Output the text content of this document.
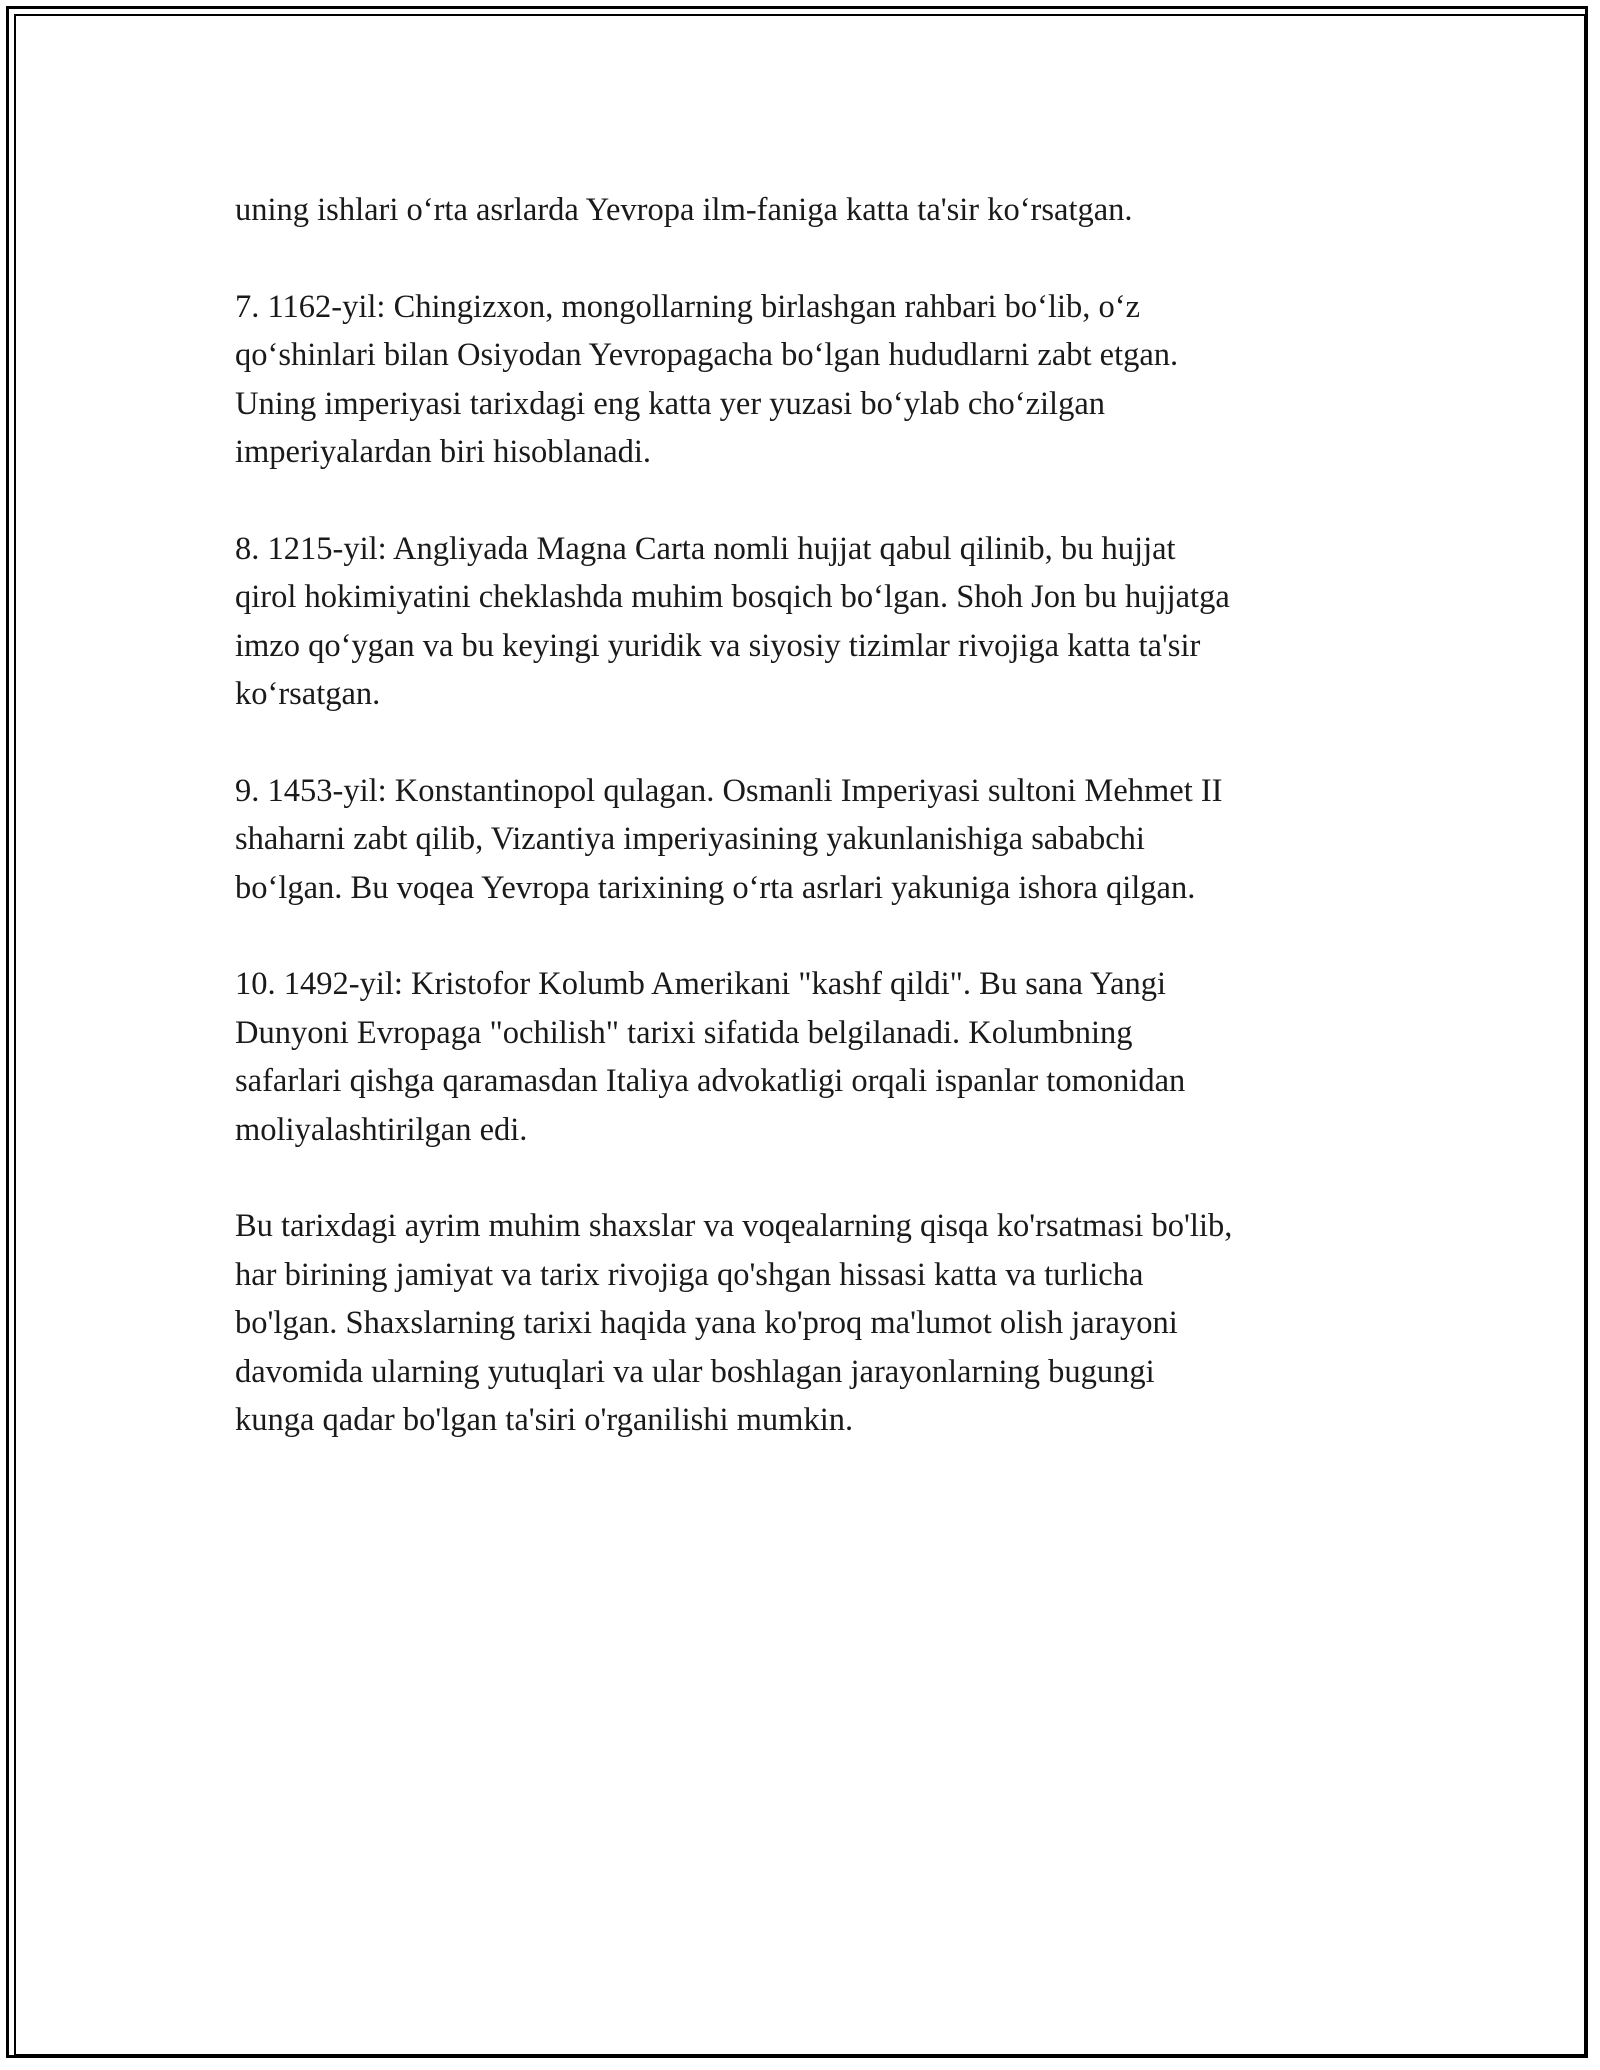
uning ishlari o‘rta asrlarda Yevropa ilm-faniga katta ta'sir ko‘rsatgan.

7. 1162-yil: Chingizxon, mongollarning birlashgan rahbari bo‘lib, o‘z
qo‘shinlari bilan Osiyodan Yevropagacha bo‘lgan hududlarni zabt etgan.
Uning imperiyasi tarixdagi eng katta yer yuzasi bo‘ylab cho‘zilgan
imperiyalardan biri hisoblanadi.

8. 1215-yil: Angliyada Magna Carta nomli hujjat qabul qilinib, bu hujjat
qirol hokimiyatini cheklashda muhim bosqich bo‘lgan. Shoh Jon bu hujjatga
imzo qo‘ygan va bu keyingi yuridik va siyosiy tizimlar rivojiga katta ta'sir
ko‘rsatgan.

9. 1453-yil: Konstantinopol qulagan. Osmanli Imperiyasi sultoni Mehmet II
shaharni zabt qilib, Vizantiya imperiyasining yakunlanishiga sababchi
bo‘lgan. Bu voqea Yevropa tarixining o‘rta asrlari yakuniga ishora qilgan.

10. 1492-yil: Kristofor Kolumb Amerikani "kashf qildi". Bu sana Yangi
Dunyoni Evropaga "ochilish" tarixi sifatida belgilanadi. Kolumbning
safarlari qishga qaramasdan Italiya advokatligi orqali ispanlar tomonidan
moliyalashtirilgan edi.

Bu tarixdagi ayrim muhim shaxslar va voqealarning qisqa ko'rsatmasi bo'lib,
har birining jamiyat va tarix rivojiga qo'shgan hissasi katta va turlicha
bo'lgan. Shaxslarning tarixi haqida yana ko'proq ma'lumot olish jarayoni
davomida ularning yutuqlari va ular boshlagan jarayonlarning bugungi
kunga qadar bo'lgan ta'siri o'rganilishi mumkin.
